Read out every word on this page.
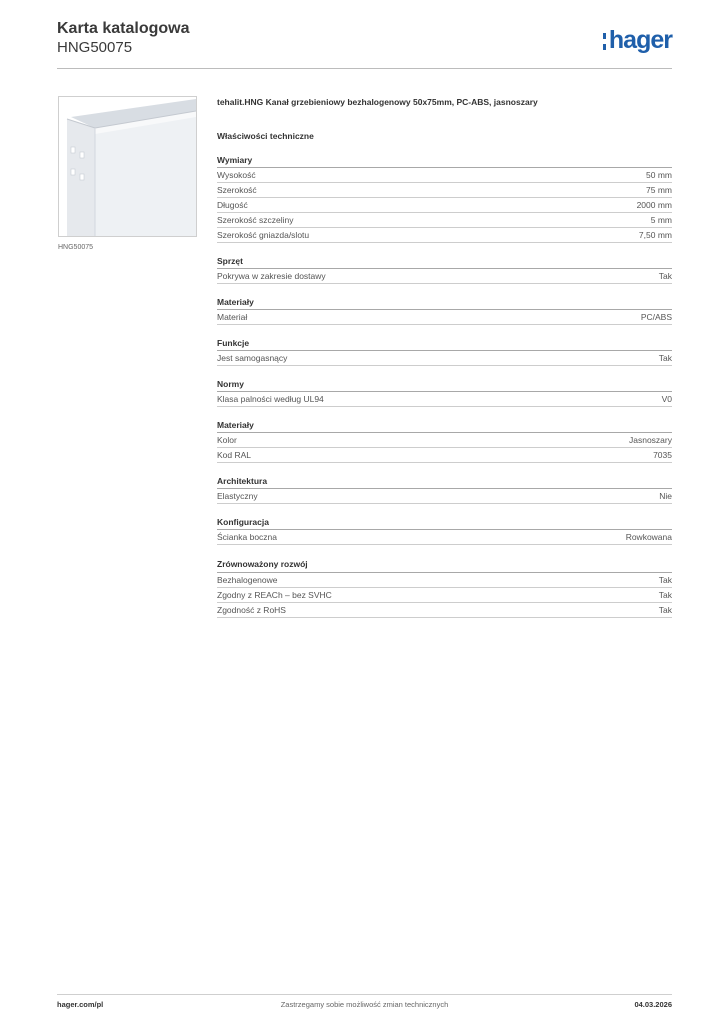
Karta katalogowa
HNG50075	hager
HNG50075
tehalit.HNG Kanał grzebieniowy bezhalogenowy 50x75mm, PC-ABS, jasnoszary
Właściwości techniczne
Wymiary
Wysokość	50 mm
Szerokość	75 mm
Długość	2000 mm
Szerokość szczeliny	5 mm
Szerokość gniazda/slotu	7,50 mm
Sprzęt
Pokrywa w zakresie dostawy	Tak
Materiały
Materiał	PC/ABS
Funkcje
Jest samogasnący	Tak
Normy
Klasa palności według UL94	V0
Materiały
Kolor	Jasnoszary
Kod RAL	7035
Architektura
Elastyczny	Nie
Konfiguracja
Ścianka boczna	Rowkowana
Zrównoważony rozwój
Bezhalogenowe	Tak
Zgodny z REACh – bez SVHC	Tak
Zgodność z RoHS	Tak
hager.com/pl	Zastrzegamy sobie możliwość zmian technicznych	04.03.2026
